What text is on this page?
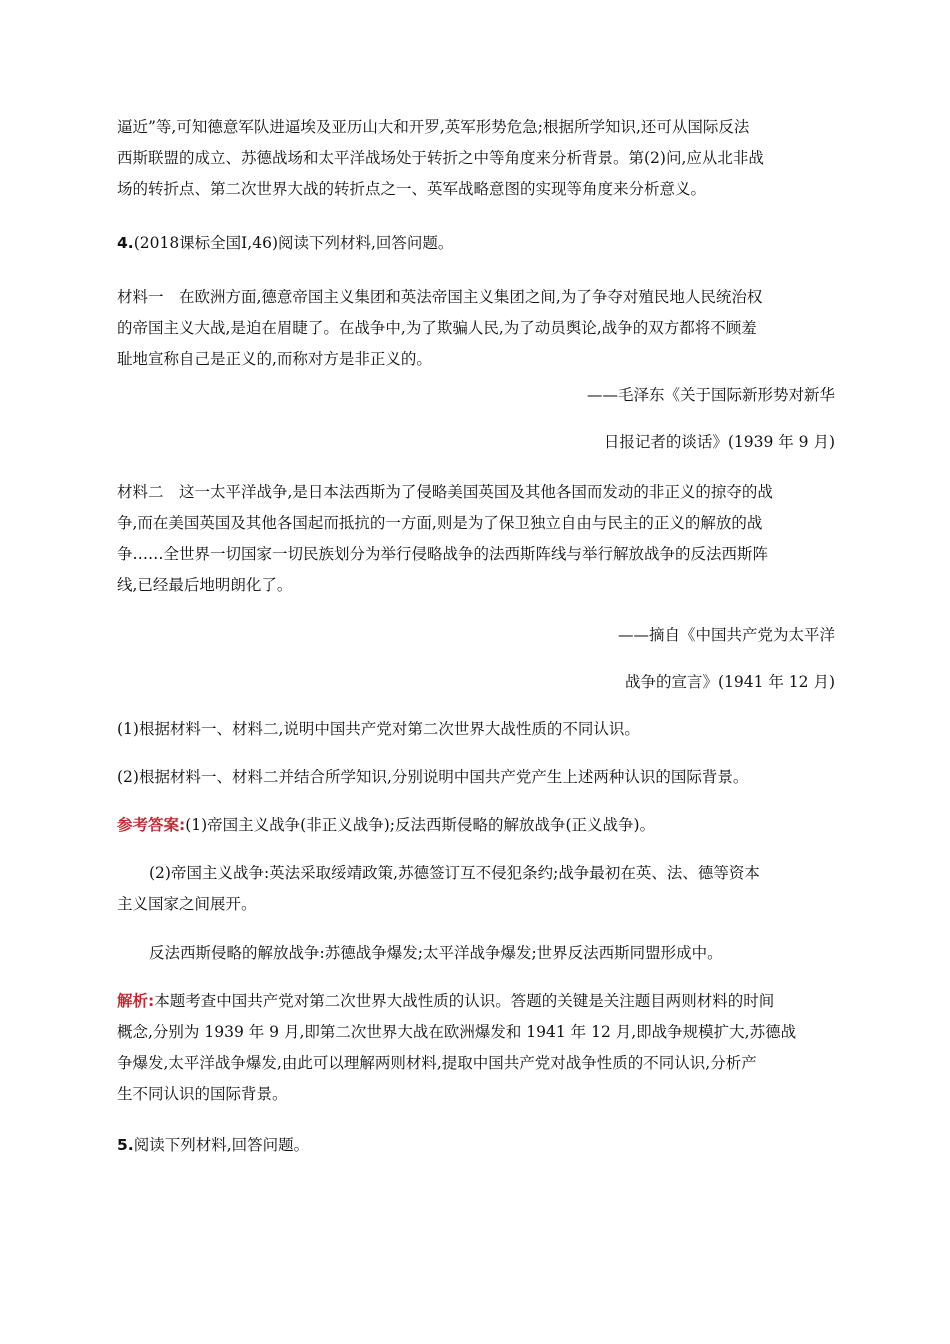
逼近”等,可知德意军队进逼埃及亚历山大和开罗,英军形势危急;根据所学知识,还可从国际反法

西斯联盟的成立、苏德战场和太平洋战场处于转折之中等角度来分析背景。第(2)问,应从北非战

场的转折点、第二次世界大战的转折点之一、英军战略意图的实现等角度来分析意义。

4.(2018课标全国Ⅰ,46)阅读下列材料,回答问题。

材料一　在欧洲方面,德意帝国主义集团和英法帝国主义集团之间,为了争夺对殖民地人民统治权

的帝国主义大战,是迫在眉睫了。在战争中,为了欺骗人民,为了动员舆论,战争的双方都将不顾羞

耻地宣称自己是正义的,而称对方是非正义的。

——毛泽东《关于国际新形势对新华

日报记者的谈话》(1939 年 9 月)

材料二　这一太平洋战争,是日本法西斯为了侵略美国英国及其他各国而发动的非正义的掠夺的战

争,而在美国英国及其他各国起而抵抗的一方面,则是为了保卫独立自由与民主的正义的解放的战

争……全世界一切国家一切民族划分为举行侵略战争的法西斯阵线与举行解放战争的反法西斯阵

线,已经最后地明朗化了。

——摘自《中国共产党为太平洋

战争的宣言》(1941 年 12 月)

(1)根据材料一、材料二,说明中国共产党对第二次世界大战性质的不同认识。

(2)根据材料一、材料二并结合所学知识,分别说明中国共产党产生上述两种认识的国际背景。

参考答案:(1)帝国主义战争(非正义战争);反法西斯侵略的解放战争(正义战争)。

(2)帝国主义战争:英法采取绥靖政策,苏德签订互不侵犯条约;战争最初在英、法、德等资本

主义国家之间展开。

反法西斯侵略的解放战争:苏德战争爆发;太平洋战争爆发;世界反法西斯同盟形成中。

解析:本题考查中国共产党对第二次世界大战性质的认识。答题的关键是关注题目两则材料的时间

概念,分别为 1939 年 9 月,即第二次世界大战在欧洲爆发和 1941 年 12 月,即战争规模扩大,苏德战

争爆发,太平洋战争爆发,由此可以理解两则材料,提取中国共产党对战争性质的不同认识,分析产

生不同认识的国际背景。

5.阅读下列材料,回答问题。
